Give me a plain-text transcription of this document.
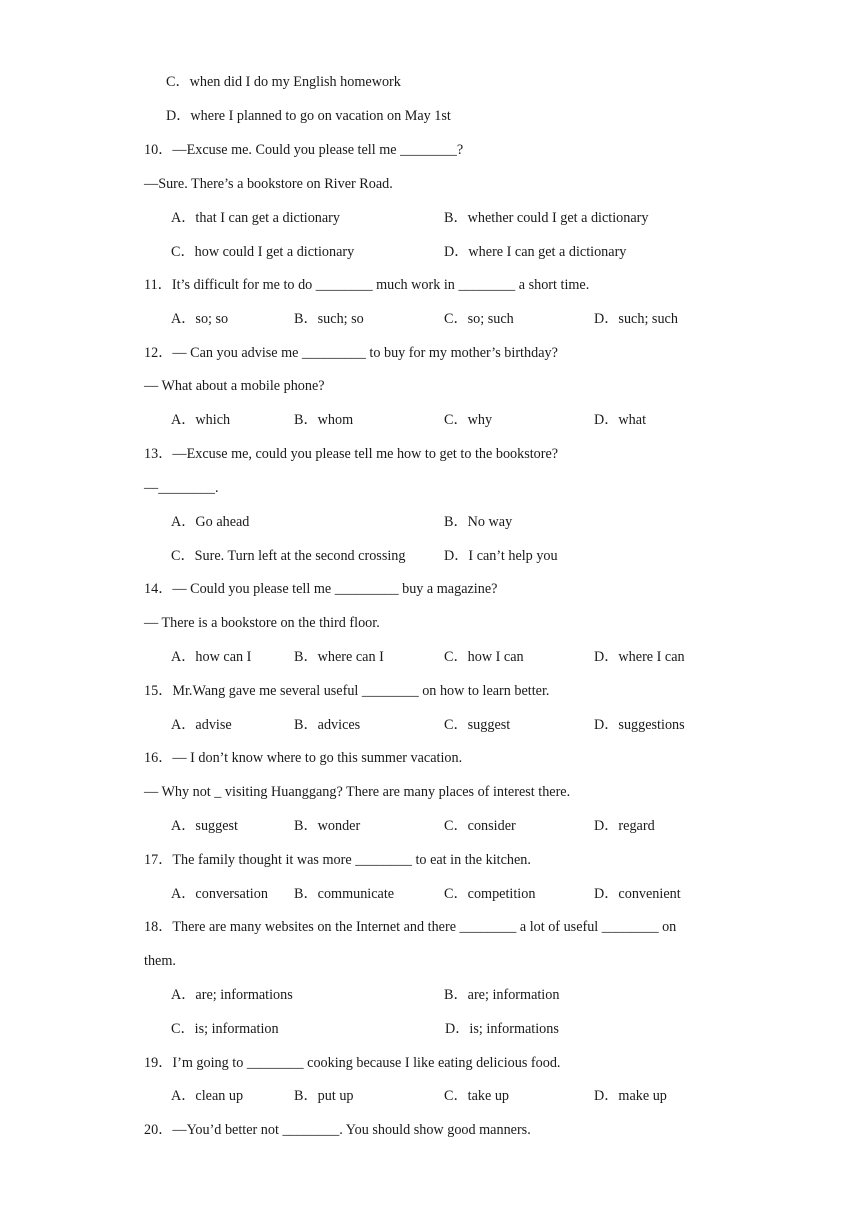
C．when did I do my English homework
D．where I planned to go on vacation on May 1st
10．—Excuse me. Could you please tell me ________?
—Sure. There’s a bookstore on River Road.
A．that I can get a dictionary	B．whether could I get a dictionary
C．how could I get a dictionary	D．where I can get a dictionary
11．It’s difficult for me to do ________ much work in ________ a short time.
A．so; so	B．such; so	C．so; such	D．such; such
12．— Can you advise me _________ to buy for my mother’s birthday?
— What about a mobile phone?
A．which	B．whom	C．why	D．what
13．—Excuse me, could you please tell me how to get to the bookstore?
—________.
A．Go ahead	B．No way
C．Sure. Turn left at the second crossing	D．I can’t help you
14．— Could you please tell me _________ buy a magazine?
— There is a bookstore on the third floor.
A．how can I	B．where can I	C．how I can	D．where I can
15．Mr.Wang gave me several useful ________ on how to learn better.
A．advise	B．advices	C．suggest	D．suggestions
16．— I don’t know where to go this summer vacation.
— Why not _ visiting Huanggang? There are many places of interest there.
A．suggest	B．wonder	C．consider	D．regard
17．The family thought it was more ________ to eat in the kitchen.
A．conversation B．communicate	C．competition	D．convenient
18．There are many websites on the Internet and there ________ a lot of useful ________ on
them.
A．are; informations	B．are; information
C．is; information	D．is; informations
19．I’m going to ________ cooking because I like eating delicious food.
A．clean up	B．put up	C．take up	D．make up
20．—You’d better not ________. You should show good manners.
